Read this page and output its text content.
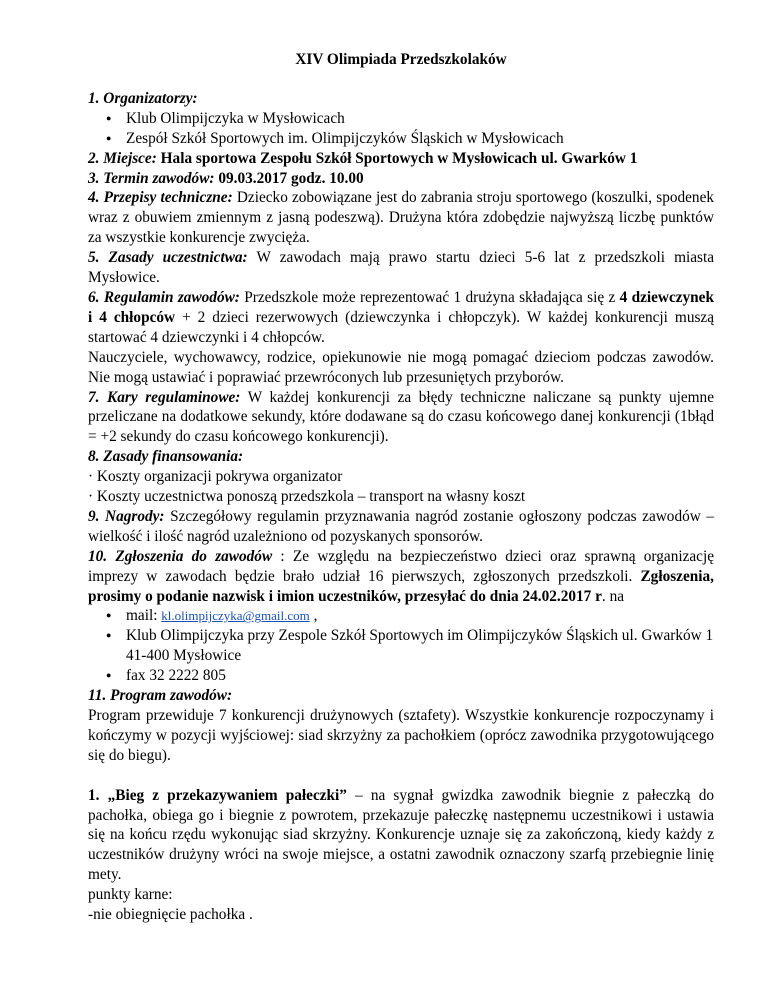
XIV Olimpiada Przedszkolaków

1. Organizatorzy:

● Klub Olimpijczyka w Mysłowicach
● Zespół Szkół Sportowych im. Olimpijczyków Śląskich w Mysłowicach

2. Miejsce: Hala sportowa Zespołu Szkół Sportowych w Mysłowicach ul. Gwarków 1

3. Termin zawodów: 09.03.2017 godz. 10.00

4. Przepisy techniczne: Dziecko zobowiązane jest do zabrania stroju sportowego (koszulki, spodenek wraz z obuwiem zmiennym z jasną podeszwą). Drużyna która zdobędzie najwyższą liczbę punktów za wszystkie konkurencje zwycięża.

5. Zasady uczestnictwa: W zawodach mają prawo startu dzieci 5-6 lat z przedszkoli miasta Mysłowice.

6. Regulamin zawodów: Przedszkole może reprezentować 1 drużyna składająca się z 4 dziewczynek i 4 chłopców + 2 dzieci rezerwowych (dziewczynka i chłopczyk). W każdej konkurencji muszą startować 4 dziewczynki i 4 chłopców.

Nauczyciele, wychowawcy, rodzice, opiekunowie nie mogą pomagać dzieciom podczas zawodów. Nie mogą ustawiać i poprawiać przewróconych lub przesuniętych przyborów.

7. Kary regulaminowe: W każdej konkurencji za błędy techniczne naliczane są punkty ujemne przeliczane na dodatkowe sekundy, które dodawane są do czasu końcowego danej konkurencji (1błąd = +2 sekundy do czasu końcowego konkurencji).

8. Zasady finansowania:

· Koszty organizacji pokrywa organizator

· Koszty uczestnictwa ponoszą przedszkola – transport na własny koszt

9. Nagrody: Szczegółowy regulamin przyznawania nagród zostanie ogłoszony podczas zawodów – wielkość i ilość nagród uzależniono od pozyskanych sponsorów.

10. Zgłoszenia do zawodów : Ze względu na bezpieczeństwo dzieci oraz sprawną organizację imprezy w zawodach będzie brało udział 16 pierwszych, zgłoszonych przedszkoli. Zgłoszenia, prosimy o podanie nazwisk i imion uczestników, przesyłać do dnia 24.02.2017 r. na

● mail: kl.olimpijczyka@gmail.com ,
● Klub Olimpijczyka przy Zespole Szkół Sportowych im Olimpijczyków Śląskich ul. Gwarków 1 41-400 Mysłowice
● fax 32 2222 805

11. Program zawodów:

Program przewiduje 7 konkurencji drużynowych (sztafety). Wszystkie konkurencje rozpoczynamy i kończymy w pozycji wyjściowej: siad skrzyżny za pachołkiem (oprócz zawodnika przygotowującego się do biegu).

1. „Bieg z przekazywaniem pałeczki” – na sygnał gwizdka zawodnik biegnie z pałeczką do pachołka, obiega go i biegnie z powrotem, przekazuje pałeczkę następnemu uczestnikowi i ustawia się na końcu rzędu wykonując siad skrzyżny. Konkurencje uznaje się za zakończoną, kiedy każdy z uczestników drużyny wróci na swoje miejsce, a ostatni zawodnik oznaczony szarfą przebiegnie linię mety.

punkty karne:

-nie obiegnięcie pachołka .
